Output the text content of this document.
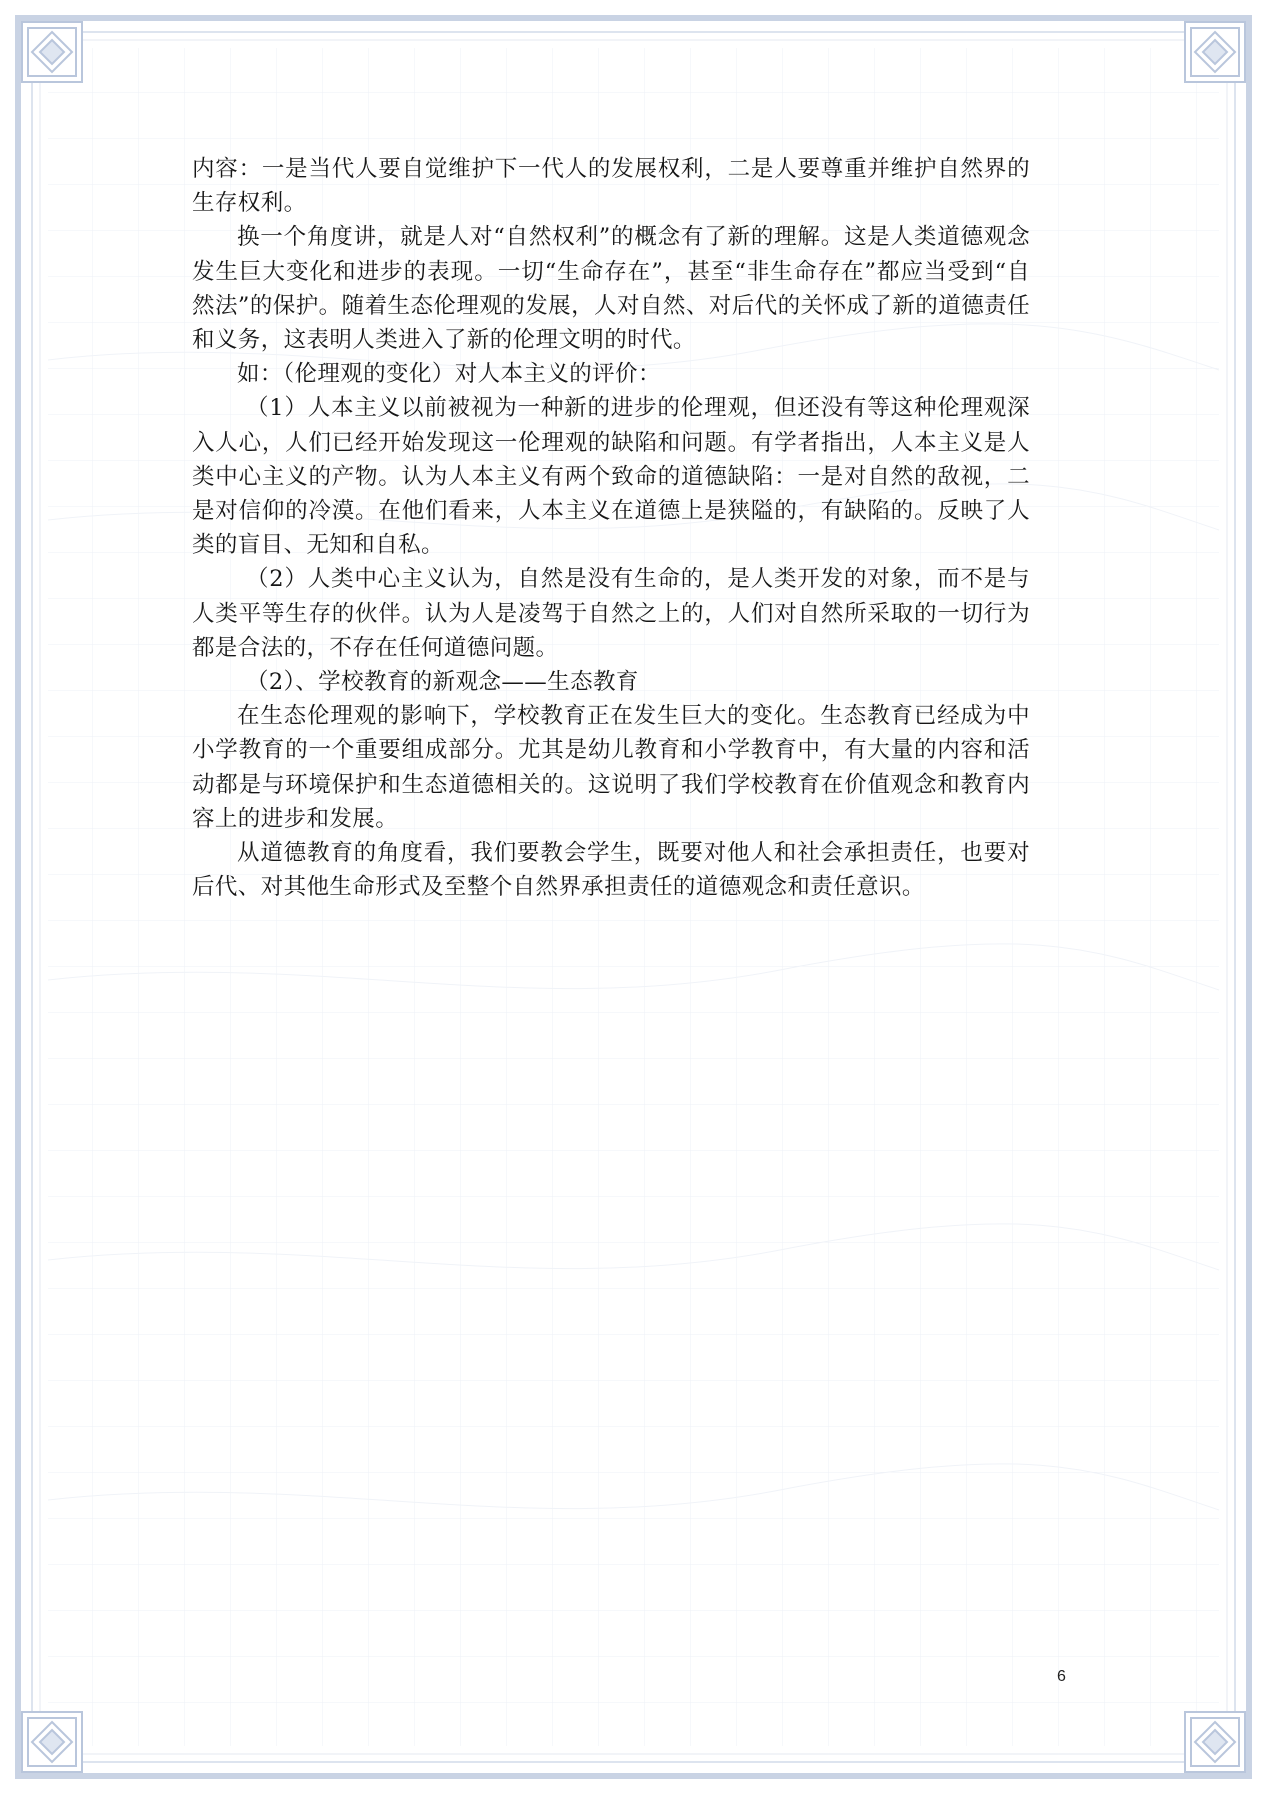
内容：一是当代人要自觉维护下一代人的发展权利，二是人要尊重并维护自然界的生存权利。

换一个角度讲，就是人对“自然权利”的概念有了新的理解。这是人类道德观念发生巨大变化和进步的表现。一切“生命存在”，甚至“非生命存在”都应当受到“自然法”的保护。随着生态伦理观的发展，人对自然、对后代的关怀成了新的道德责任和义务，这表明人类进入了新的伦理文明的时代。

如：（伦理观的变化）对人本主义的评价：

（1）人本主义以前被视为一种新的进步的伦理观，但还没有等这种伦理观深入人心，人们已经开始发现这一伦理观的缺陷和问题。有学者指出，人本主义是人类中心主义的产物。认为人本主义有两个致命的道德缺陷：一是对自然的敌视，二是对信仰的冷漠。在他们看来，人本主义在道德上是狭隘的，有缺陷的。反映了人类的盲目、无知和自私。

（2）人类中心主义认为，自然是没有生命的，是人类开发的对象，而不是与人类平等生存的伙伴。认为人是凌驾于自然之上的，人们对自然所采取的一切行为都是合法的，不存在任何道德问题。

（2）、学校教育的新观念——生态教育

在生态伦理观的影响下，学校教育正在发生巨大的变化。生态教育已经成为中小学教育的一个重要组成部分。尤其是幼儿教育和小学教育中，有大量的内容和活动都是与环境保护和生态道德相关的。这说明了我们学校教育在价值观念和教育内容上的进步和发展。

从道德教育的角度看，我们要教会学生，既要对他人和社会承担责任，也要对后代、对其他生命形式及至整个自然界承担责任的道德观念和责任意识。

6
